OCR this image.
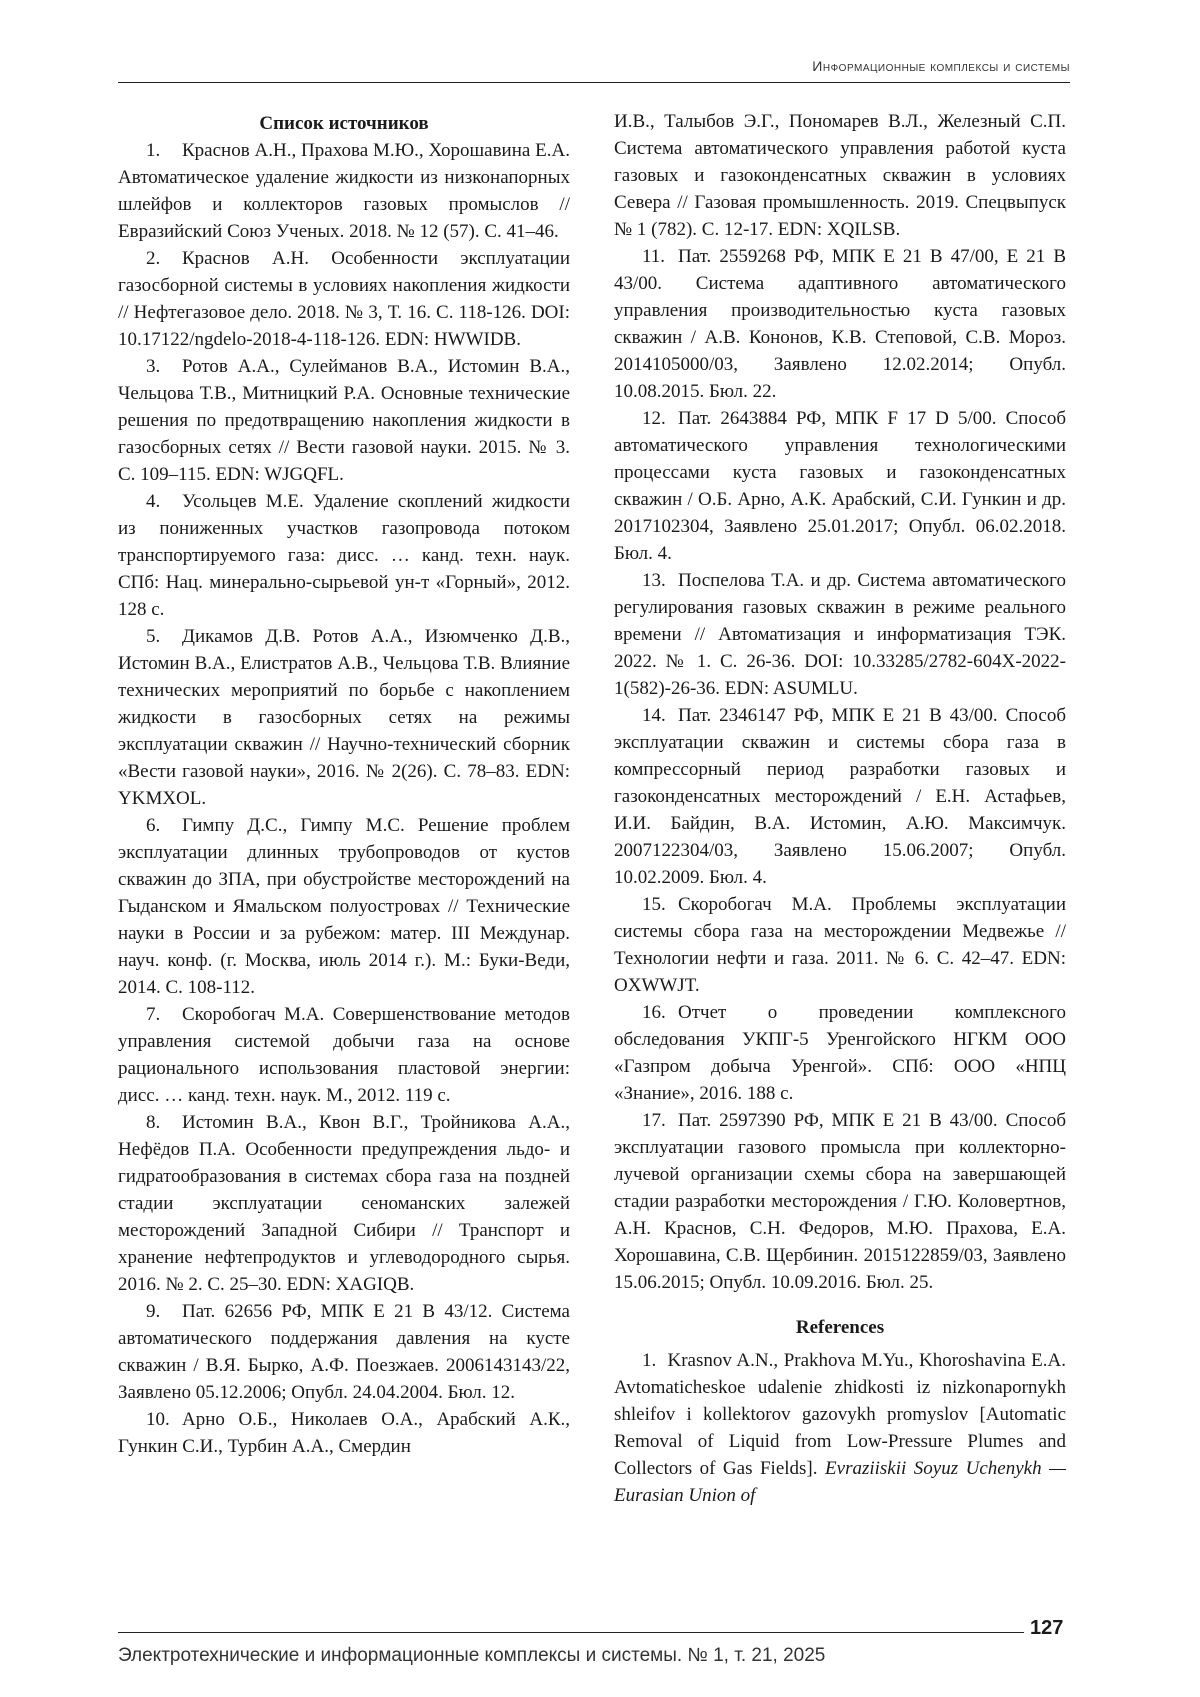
Информационные комплексы и системы
Список источников

1. Краснов А.Н., Прахова М.Ю., Хорошавина Е.А. Автоматическое удаление жидкости из низконапорных шлейфов и коллекторов газовых промыслов // Евразийский Союз Ученых. 2018. № 12 (57). С. 41–46.

2. Краснов А.Н. Особенности эксплуатации газосборной системы в условиях накопления жидкости // Нефтегазовое дело. 2018. № 3, Т. 16. С. 118-126. DOI: 10.17122/ngdelo-2018-4-118-126. EDN: HWWIDB.

3. Ротов А.А., Сулейманов В.А., Истомин В.А., Чельцова Т.В., Митницкий Р.А. Основные технические решения по предотвращению накопления жидкости в газосборных сетях // Вести газовой науки. 2015. № 3. С. 109–115. EDN: WJGQFL.

4. Усольцев М.Е. Удаление скоплений жидкости из пониженных участков газопровода потоком транспортируемого газа: дисс. … канд. техн. наук. СПб: Нац. минерально-сырьевой ун-т «Горный», 2012. 128 с.

5. Дикамов Д.В. Ротов А.А., Изюмченко Д.В., Истомин В.А., Елистратов А.В., Чельцова Т.В. Влияние технических мероприятий по борьбе с накоплением жидкости в газосборных сетях на режимы эксплуатации скважин // Научно-технический сборник «Вести газовой науки», 2016. № 2(26). С. 78–83. EDN: YKMXOL.

6. Гимпу Д.С., Гимпу М.С. Решение проблем эксплуатации длинных трубопроводов от кустов скважин до ЗПА, при обустройстве месторождений на Гыданском и Ямальском полуостровах // Технические науки в России и за рубежом: матер. III Междунар. науч. конф. (г. Москва, июль 2014 г.). М.: Буки-Веди, 2014. С. 108-112.

7. Скоробогач М.А. Совершенствование методов управления системой добычи газа на основе рационального использования пластовой энергии: дисс. … канд. техн. наук. М., 2012. 119 с.

8. Истомин В.А., Квон В.Г., Тройникова А.А., Нефёдов П.А. Особенности предупреждения льдо- и гидратообразования в системах сбора газа на поздней стадии эксплуатации сеноманских залежей месторождений Западной Сибири // Транспорт и хранение нефтепродуктов и углеводородного сырья. 2016. № 2. С. 25–30. EDN: XAGIQB.

9. Пат. 62656 РФ, МПК Е 21 В 43/12. Система автоматического поддержания давления на кусте скважин / В.Я. Бырко, А.Ф. Поезжаев. 2006143143/22, Заявлено 05.12.2006; Опубл. 24.04.2004. Бюл. 12.

10. Арно О.Б., Николаев О.А., Арабский А.К., Гункин С.И., Турбин А.А., Смердин

И.В., Талыбов Э.Г., Пономарев В.Л., Железный С.П. Система автоматического управления работой куста газовых и газоконденсатных скважин в условиях Севера // Газовая промышленность. 2019. Спецвыпуск № 1 (782). С. 12-17. EDN: XQILSB.

11. Пат. 2559268 РФ, МПК Е 21 В 47/00, Е 21 В 43/00. Система адаптивного автоматического управления производительностью куста газовых скважин / А.В. Кононов, К.В. Степовой, С.В. Мороз. 2014105000/03, Заявлено 12.02.2014; Опубл. 10.08.2015. Бюл. 22.

12. Пат. 2643884 РФ, МПК F 17 D 5/00. Способ автоматического управления технологическими процессами куста газовых и газоконденсатных скважин / О.Б. Арно, А.К. Арабский, С.И. Гункин и др. 2017102304, Заявлено 25.01.2017; Опубл. 06.02.2018. Бюл. 4.

13. Поспелова Т.А. и др. Система автоматического регулирования газовых скважин в режиме реального времени // Автоматизация и информатизация ТЭК. 2022. № 1. С. 26-36. DOI: 10.33285/2782-604X-2022-1(582)-26-36. EDN: ASUMLU.

14. Пат. 2346147 РФ, МПК Е 21 В 43/00. Способ эксплуатации скважин и системы сбора газа в компрессорный период разработки газовых и газоконденсатных месторождений / Е.Н. Астафьев, И.И. Байдин, В.А. Истомин, А.Ю. Максимчук. 2007122304/03, Заявлено 15.06.2007; Опубл. 10.02.2009. Бюл. 4.

15. Скоробогач М.А. Проблемы эксплуатации системы сбора газа на месторождении Медвежье // Технологии нефти и газа. 2011. № 6. С. 42–47. EDN: OXWWJT.

16. Отчет о проведении комплексного обследования УКПГ-5 Уренгойского НГКМ ООО «Газпром добыча Уренгой». СПб: ООО «НПЦ «Знание», 2016. 188 с.

17. Пат. 2597390 РФ, МПК Е 21 В 43/00. Способ эксплуатации газового промысла при коллекторно-лучевой организации схемы сбора на завершающей стадии разработки месторождения / Г.Ю. Коловертнов, А.Н. Краснов, С.Н. Федоров, М.Ю. Прахова, Е.А. Хорошавина, С.В. Щербинин. 2015122859/03, Заявлено 15.06.2015; Опубл. 10.09.2016. Бюл. 25.

References

1. Krasnov A.N., Prakhova M.Yu., Khoroshavina E.A. Avtomaticheskoe udalenie zhidkosti iz nizkonapornykh shleifov i kollektorov gazovykh promyslov [Automatic Removal of Liquid from Low-Pressure Plumes and Collectors of Gas Fields]. Evraziiskii Soyuz Uchenykh — Eurasian Union of

127
Электротехнические и информационные комплексы и системы. № 1, т. 21, 2025
